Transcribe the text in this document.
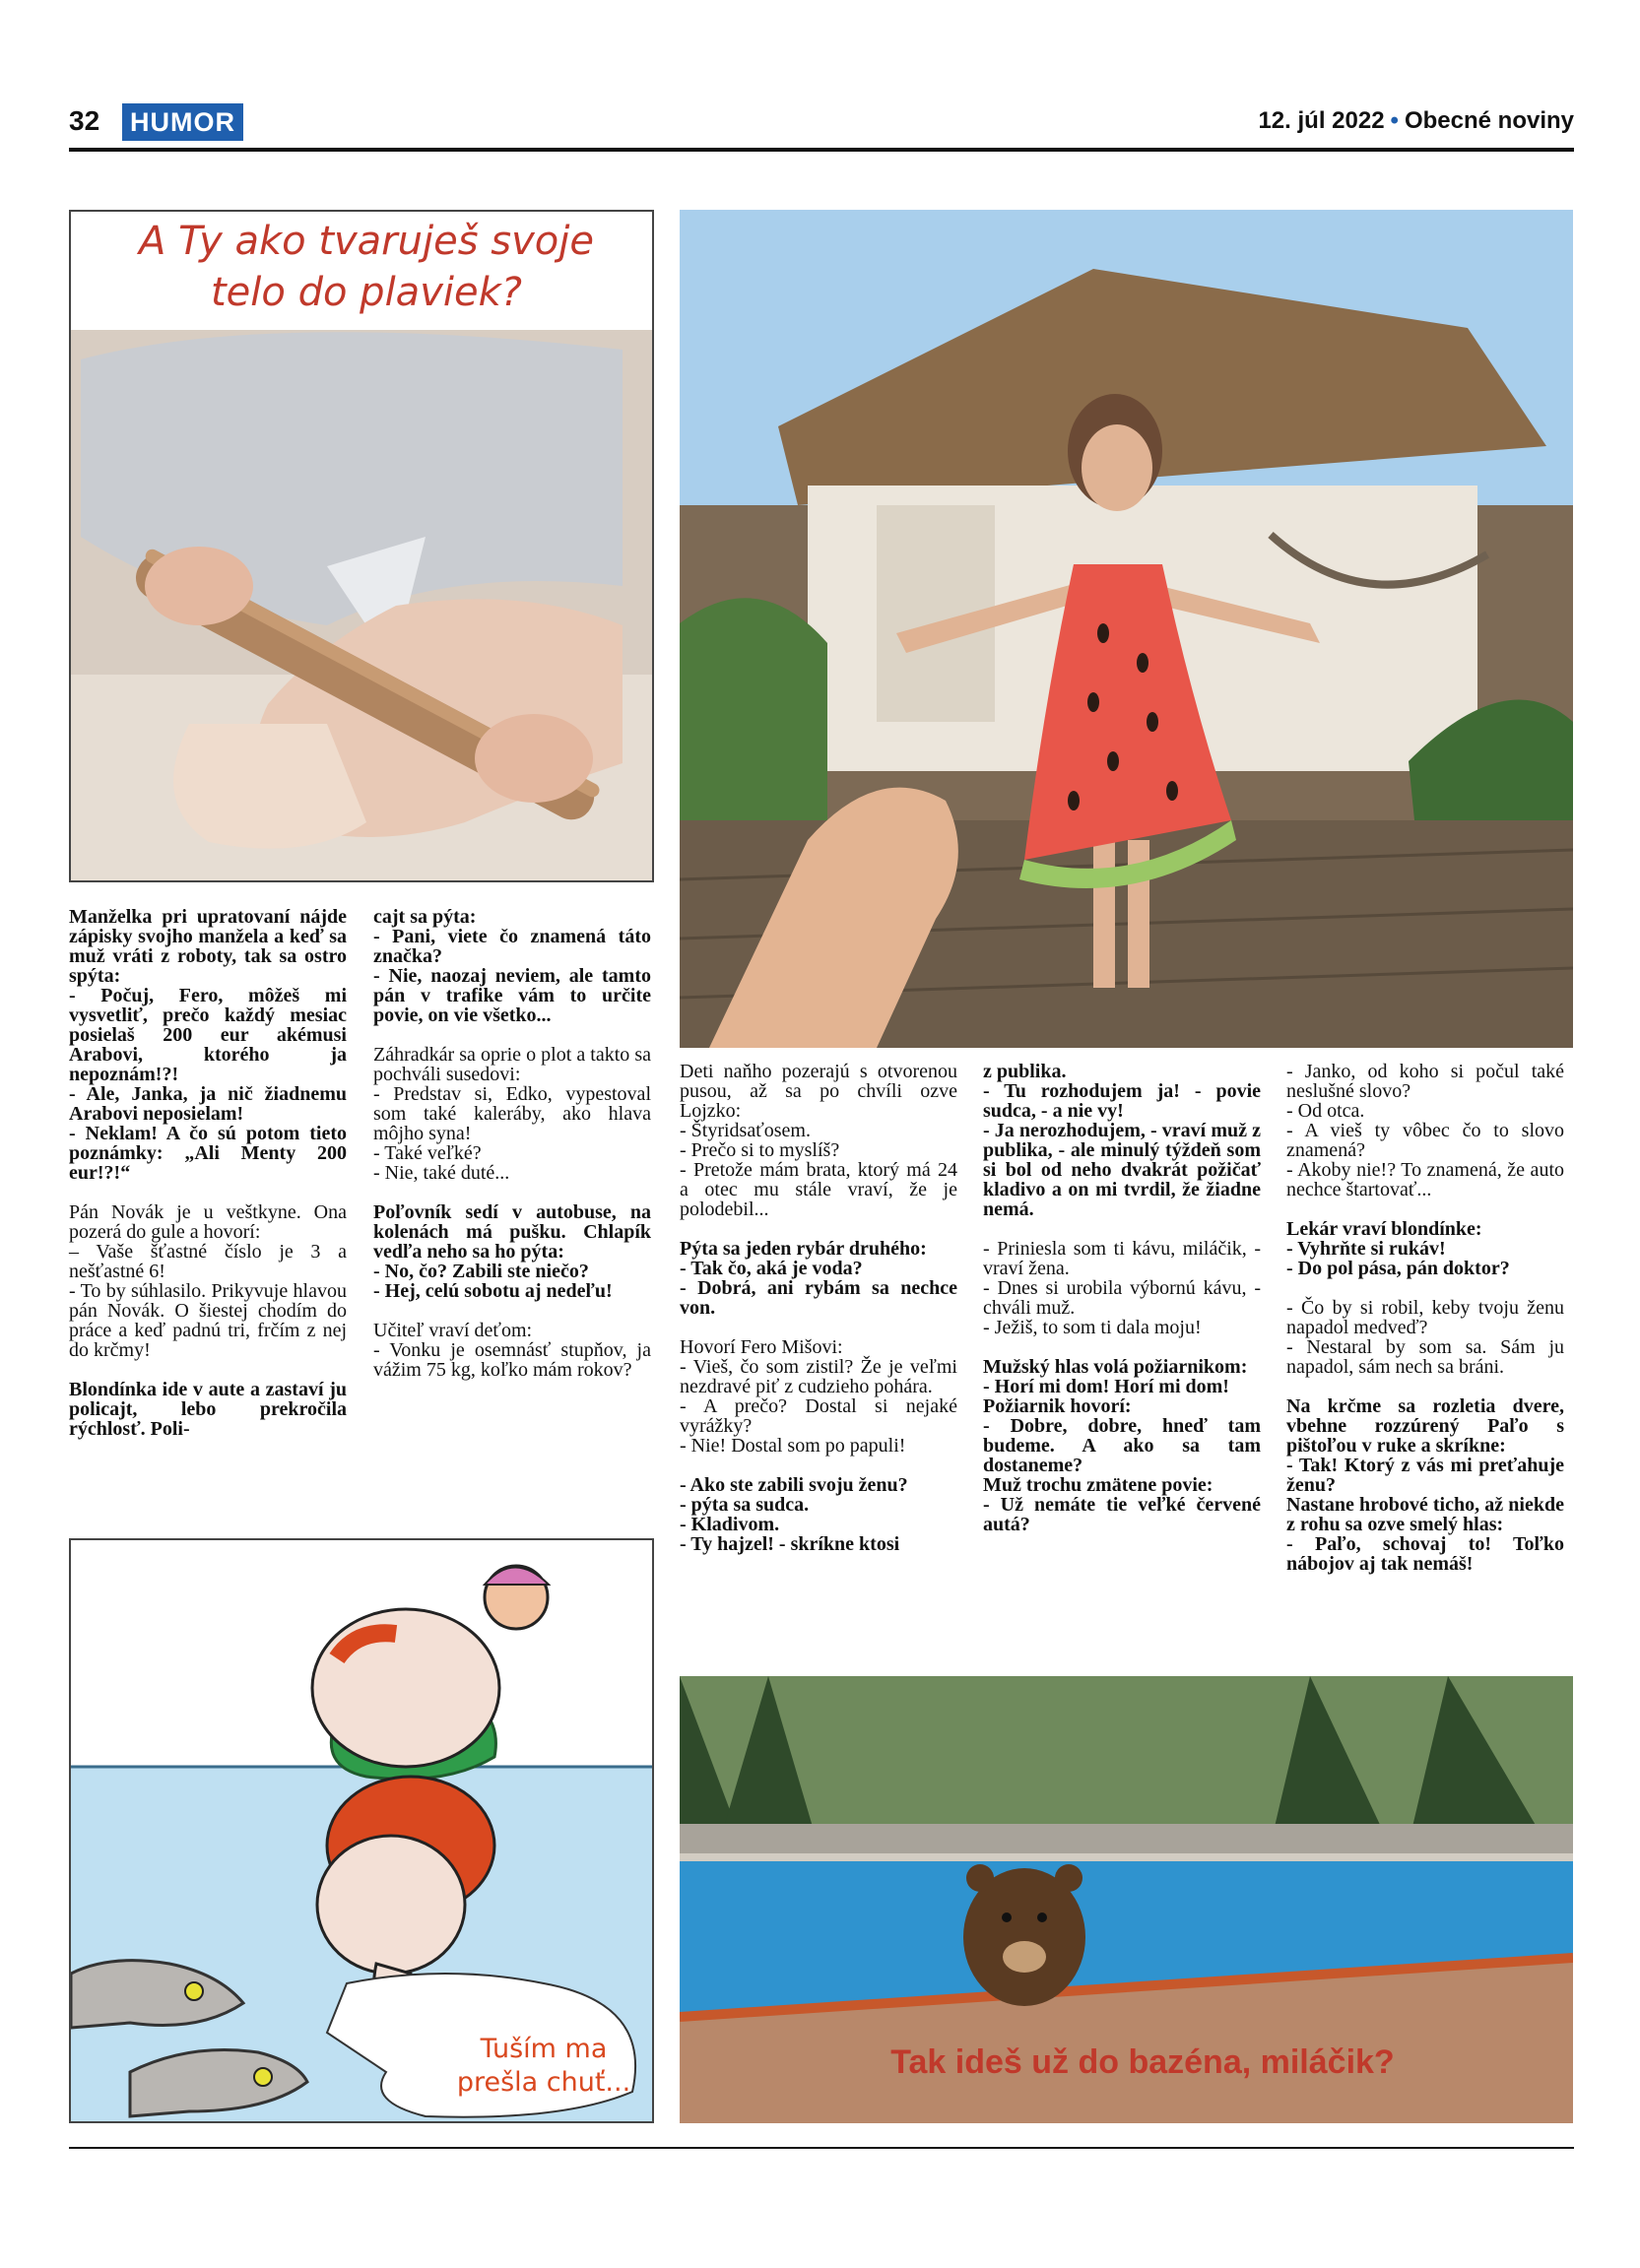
32 HUMOR	12. júl 2022 • Obecné noviny
A Ty ako tvaruješ svoje telo do plaviek?

Manželka pri upratovaní nájde zápisky svojho manžela a keď sa muž vráti z roboty, tak sa ostro spýta:

- Počuj, Fero, môžeš mi vysvetliť, prečo každý mesiac posielaš 200 eur akémusi Arabovi, ktorého ja nepoznám!?!

- Ale, Janka, ja nič žiadnemu Arabovi neposielam!

- Neklam! A čo sú potom tieto poznámky: „Ali Menty 200 eur!?!“

Pán Novák je u veštkyne. Ona pozerá do gule a hovorí:

– Vaše šťastné číslo je 3 a nešťastné 6!

- To by súhlasilo. Prikyvuje hlavou pán Novák. O šiestej chodím do práce a keď padnú tri, frčím z nej do krčmy!

Blondínka ide v aute a zastaví ju policajt, lebo prekročila rýchlosť. Poli-

cajt sa pýta:

- Pani, viete čo znamená táto značka?

- Nie, naozaj neviem, ale tamto pán v trafike vám to určite povie, on vie všetko...

Záhradkár sa oprie o plot a takto sa pochváli susedovi:

- Predstav si, Edko, vypestoval som také kaleráby, ako hlava môjho syna!

- Také veľké?

- Nie, také duté...

Poľovník sedí v autobuse, na kolenách má pušku. Chlapík vedľa neho sa ho pýta:

- No, čo? Zabili ste niečo?

- Hej, celú sobotu aj nedeľu!

Učiteľ vraví deťom:

- Vonku je osemnásť stupňov, ja vážim 75 kg, koľko mám rokov?

Deti naňho pozerajú s otvorenou pusou, až sa po chvíli ozve Lojzko:

- Štyridsaťosem.

- Prečo si to myslíš?

- Pretože mám brata, ktorý má 24 a otec mu stále vraví, že je polodebil...

Pýta sa jeden rybár druhého:

- Tak čo, aká je voda?

- Dobrá, ani rybám sa nechce von.

Hovorí Fero Mišovi:

- Vieš, čo som zistil? Že je veľmi nezdravé piť z cudzieho pohára.

- A prečo? Dostal si nejaké vyrážky?

- Nie! Dostal som po papuli!

- Ako ste zabili svoju ženu?

- pýta sa sudca.

- Kladivom.

- Ty hajzel! - skríkne ktosi

z publika.

- Tu rozhodujem ja! - povie sudca, - a nie vy!

- Ja nerozhodujem, - vraví muž z publika, - ale minulý týždeň som si bol od neho dvakrát požičať kladivo a on mi tvrdil, že žiadne nemá.

- Priniesla som ti kávu, miláčik, - vraví žena.

- Dnes si urobila výbornú kávu, - chváli muž.

- Ježiš, to som ti dala moju!

Mužský hlas volá požiarnikom:

- Horí mi dom! Horí mi dom!

Požiarnik hovorí:

- Dobre, dobre, hneď tam budeme. A ako sa tam dostaneme?

Muž trochu zmätene povie:

- Už nemáte tie veľké červené autá?

- Janko, od koho si počul také neslušné slovo?

- Od otca.

- A vieš ty vôbec čo to slovo znamená?

- Akoby nie!? To znamená, že auto nechce štartovať...

Lekár vraví blondínke:

- Vyhrňte si rukáv!

- Do pol pása, pán doktor?

- Čo by si robil, keby tvoju ženu napadol medveď?

- Nestaral by som sa. Sám ju napadol, sám nech sa bráni.

Na krčme sa rozletia dvere, vbehne rozzúrený Paľo s pištoľou v ruke a skríkne:

- Tak! Ktorý z vás mi preťahuje ženu?

Nastane hrobové ticho, až niekde z rohu sa ozve smelý hlas:

- Paľo, schovaj to! Toľko nábojov aj tak nemáš!

Tuším ma
prešla chuť...
Tak ideš už do bazéna, miláčik?
